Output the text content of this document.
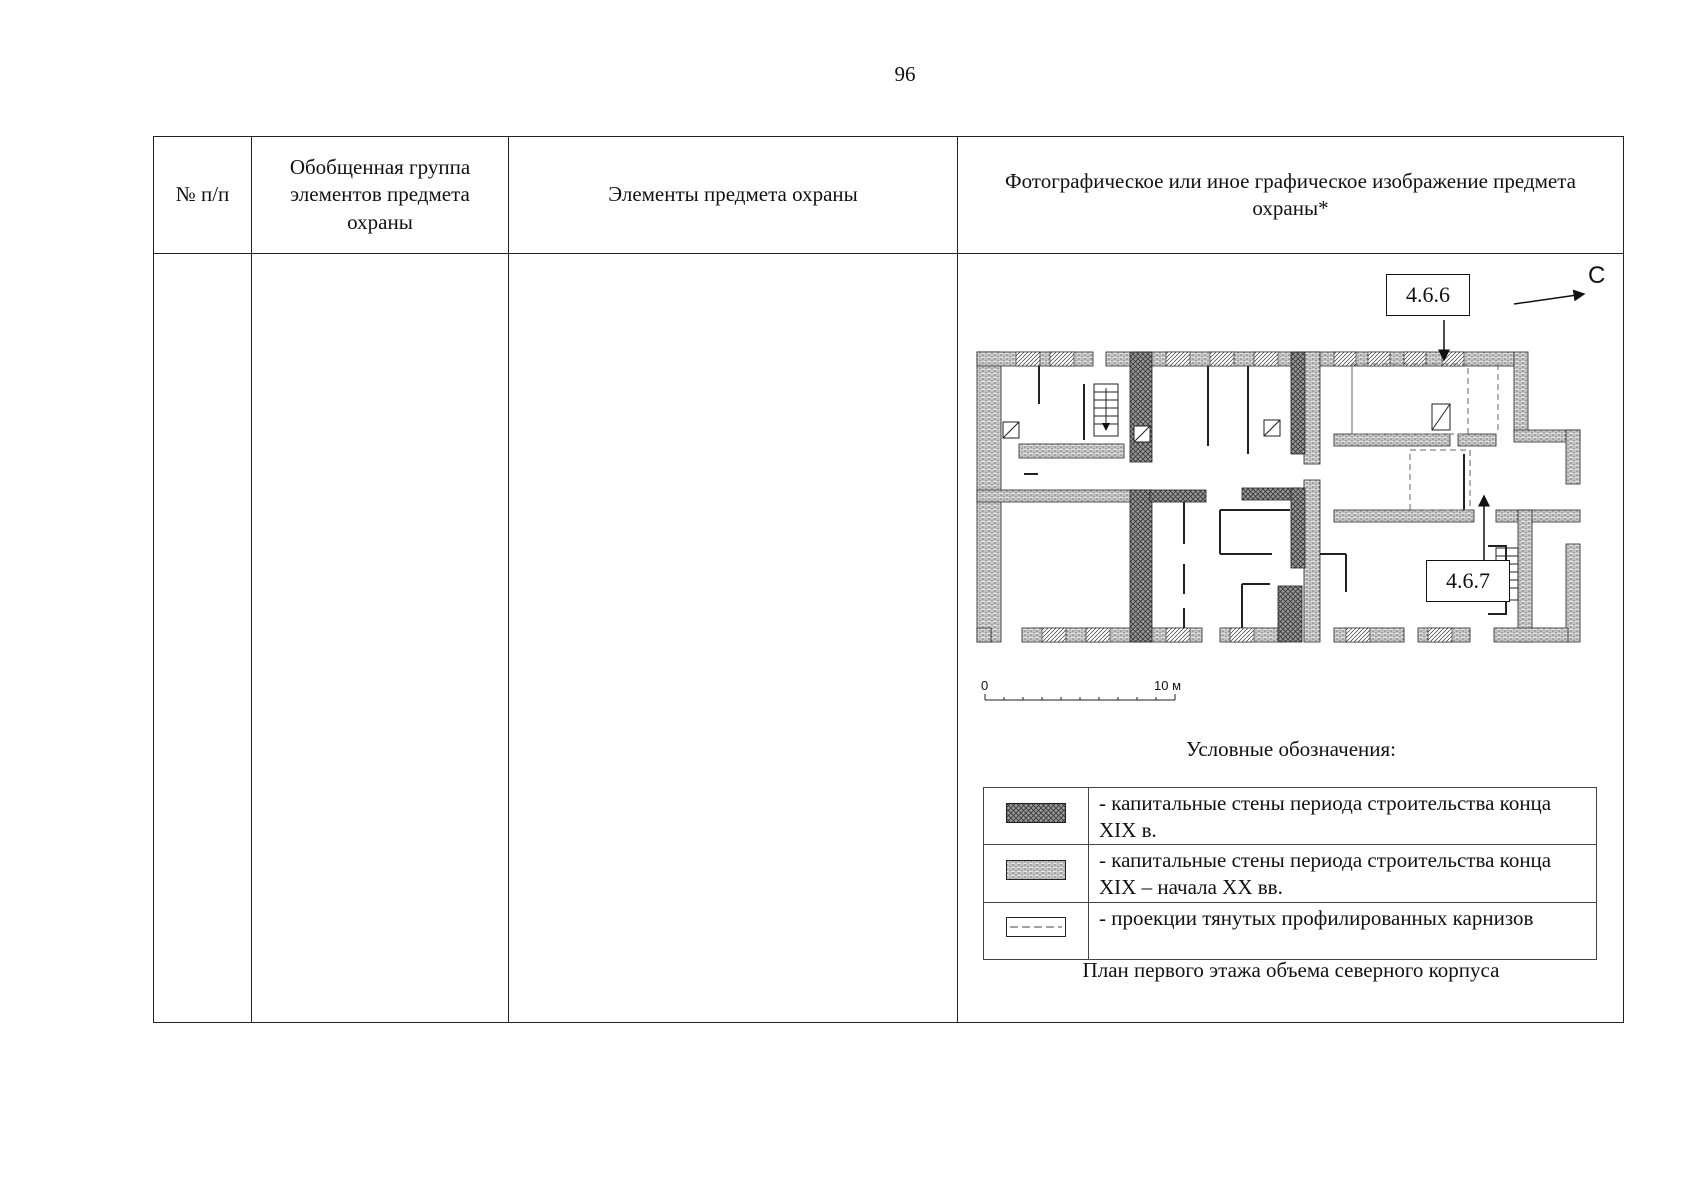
96
№ п/п	Обобщенная группа элементов предмета охраны	Элементы предмета охраны	Фотографическое или иное графическое изображение предмета охраны*

4.6.6
4.6.7
С
0	10 м
Условные обозначения:
	- капитальные стены периода строительства конца XIX в.
	- капитальные стены периода строительства конца XIX – начала XX вв.
	- проекции тянутых профилированных карнизов
План первого этажа объема северного корпуса
